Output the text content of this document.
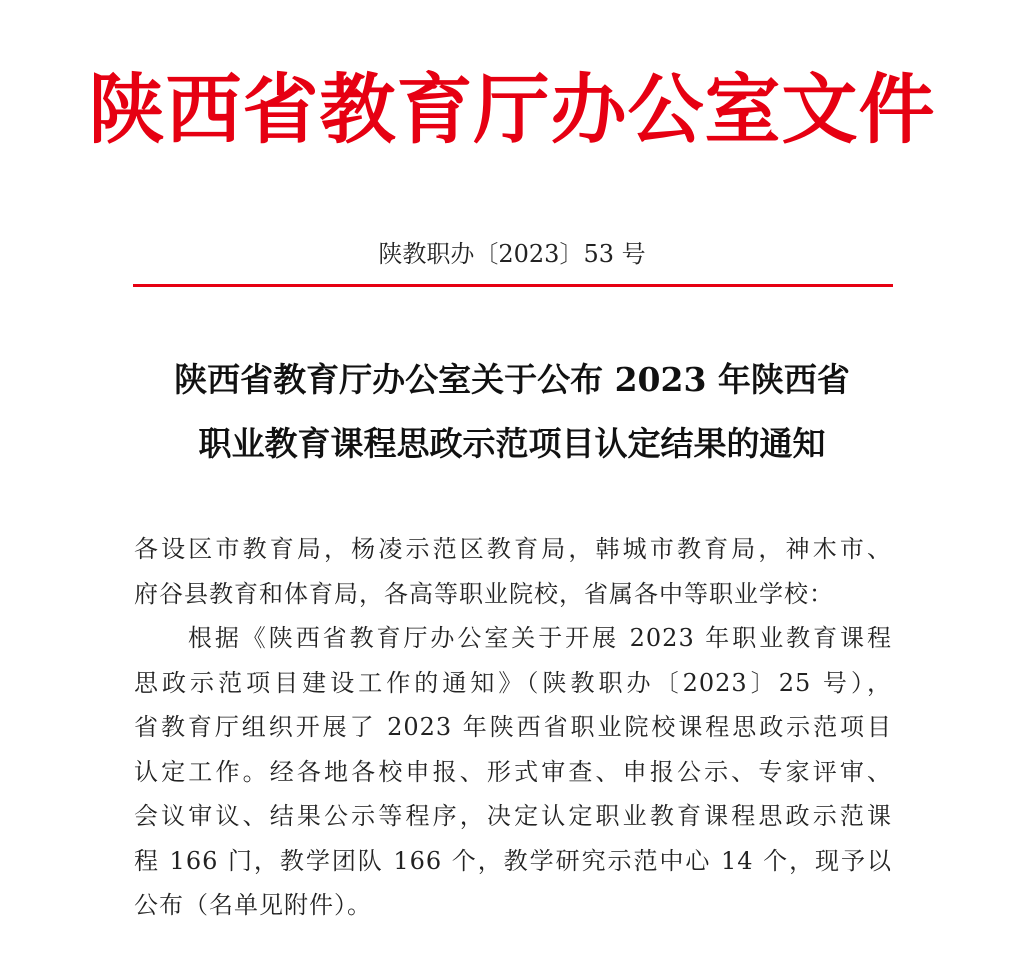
陕西省教育厅办公室文件
陕教职办〔2023〕53 号
陕西省教育厅办公室关于公布 2023 年陕西省
职业教育课程思政示范项目认定结果的通知
各设区市教育局，杨凌示范区教育局，韩城市教育局，神木市、
府谷县教育和体育局，各高等职业院校，省属各中等职业学校：
　　根据《陕西省教育厅办公室关于开展 2023 年职业教育课程
思政示范项目建设工作的通知》（陕教职办〔2023〕25 号），
省教育厅组织开展了 2023 年陕西省职业院校课程思政示范项目
认定工作。经各地各校申报、形式审查、申报公示、专家评审、
会议审议、结果公示等程序，决定认定职业教育课程思政示范课
程 166 门，教学团队 166 个，教学研究示范中心 14 个，现予以
公布（名单见附件）。
